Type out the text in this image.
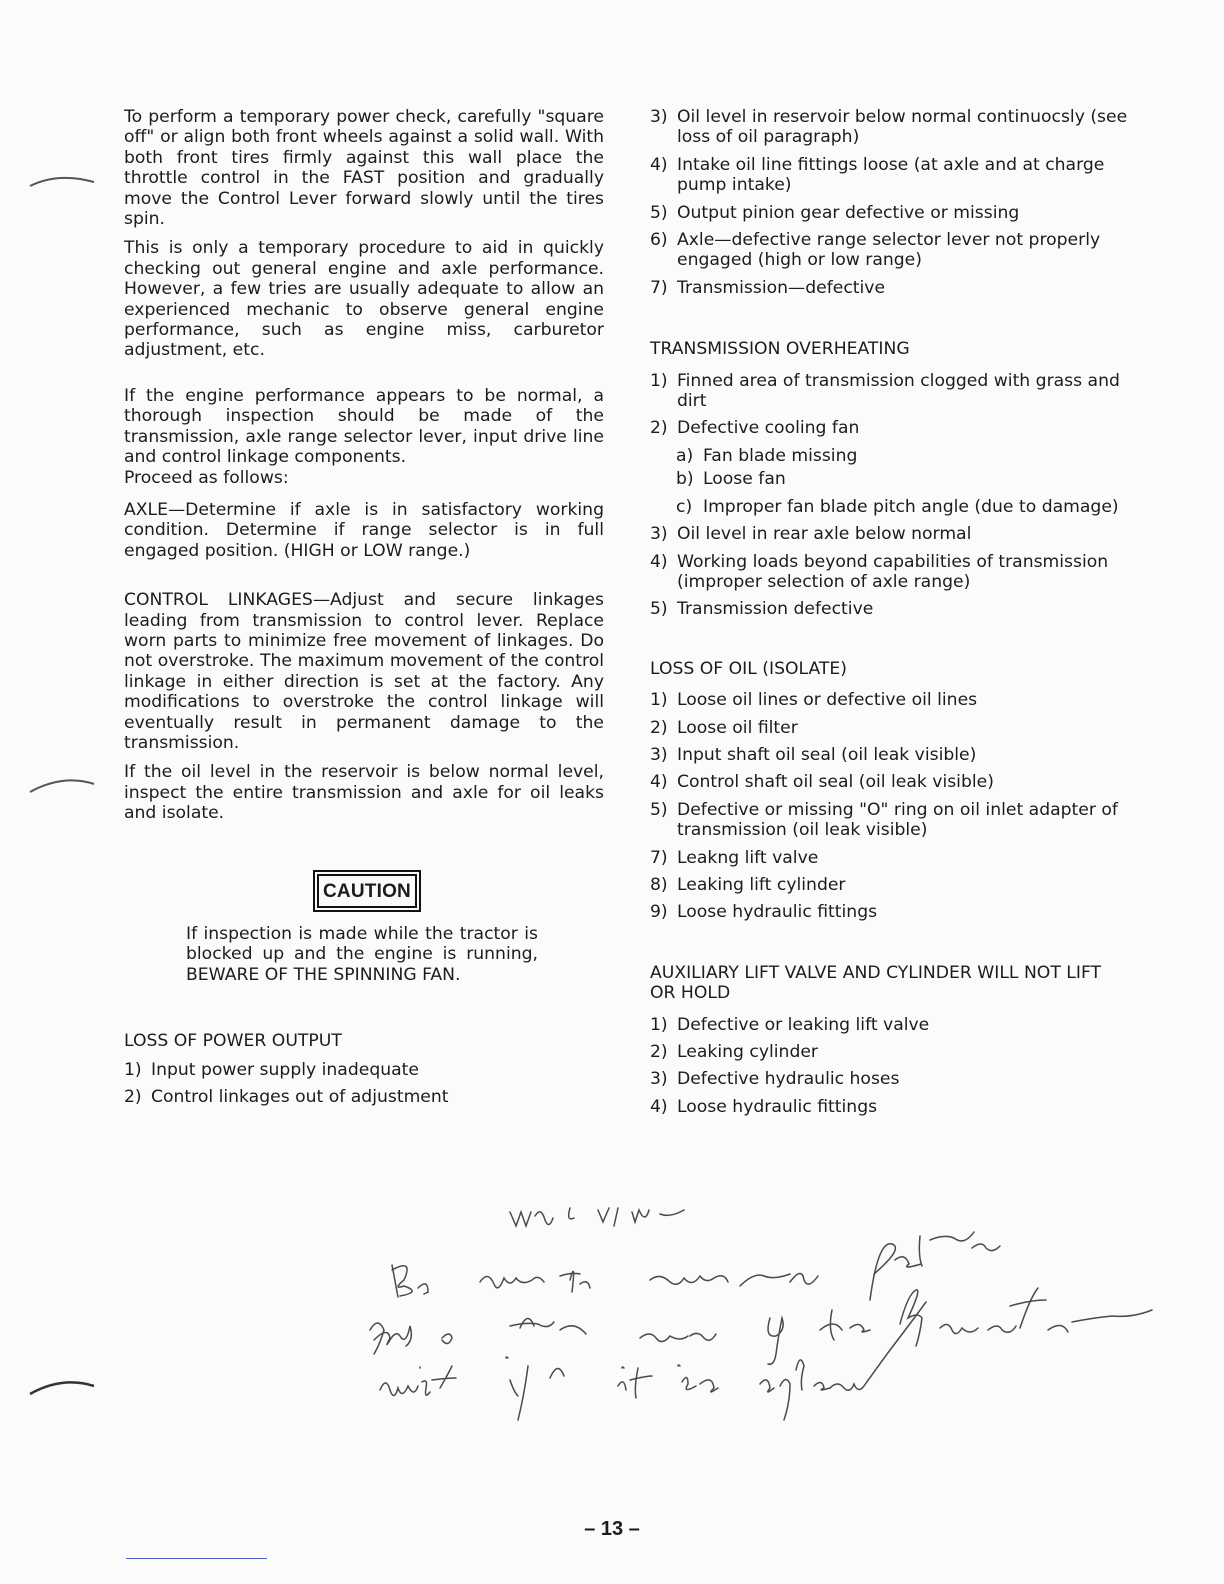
To perform a temporary power check, carefully "square off" or align both front wheels against a solid wall. With both front tires firmly against this wall place the throttle control in the FAST position and gradually move the Control Lever forward slowly until the tires spin.

This is only a temporary procedure to aid in quickly checking out general engine and axle performance. However, a few tries are usually adequate to allow an experienced mechanic to observe general engine performance, such as engine miss, carburetor adjustment, etc.

If the engine performance appears to be normal, a thorough inspection should be made of the transmission, axle range selector lever, input drive line and control linkage components.

Proceed as follows:

AXLE—Determine if axle is in satisfactory working condition. Determine if range selector is in full engaged position. (HIGH or LOW range.)

CONTROL LINKAGES—Adjust and secure linkages leading from transmission to control lever. Replace worn parts to minimize free movement of linkages. Do not overstroke. The maximum movement of the control linkage in either direction is set at the factory. Any modifications to overstroke the control linkage will eventually result in permanent damage to the transmission.

If the oil level in the reservoir is below normal level, inspect the entire transmission and axle for oil leaks and isolate.

CAUTION

If inspection is made while the tractor is blocked up and the engine is running, BEWARE OF THE SPINNING FAN.

LOSS OF POWER OUTPUT

1) Input power supply inadequate
2) Control linkages out of adjustment
3) Oil level in reservoir below normal continuocsly (see loss of oil paragraph)
4) Intake oil line fittings loose (at axle and at charge pump intake)
5) Output pinion gear defective or missing
6) Axle—defective range selector lever not properly engaged (high or low range)
7) Transmission—defective

TRANSMISSION OVERHEATING

1) Finned area of transmission clogged with grass and dirt
2) Defective cooling fan
a) Fan blade missing
b) Loose fan
c) Improper fan blade pitch angle (due to damage)
3) Oil level in rear axle below normal
4) Working loads beyond capabilities of transmission (improper selection of axle range)
5) Transmission defective

LOSS OF OIL (ISOLATE)

1) Loose oil lines or defective oil lines
2) Loose oil filter
3) Input shaft oil seal (oil leak visible)
4) Control shaft oil seal (oil leak visible)
5) Defective or missing "O" ring on oil inlet adapter of transmission (oil leak visible)
7) Leakng lift valve
8) Leaking lift cylinder
9) Loose hydraulic fittings

AUXILIARY LIFT VALVE AND CYLINDER WILL NOT LIFT OR HOLD

1) Defective or leaking lift valve
2) Leaking cylinder
3) Defective hydraulic hoses
4) Loose hydraulic fittings
– 13 –
